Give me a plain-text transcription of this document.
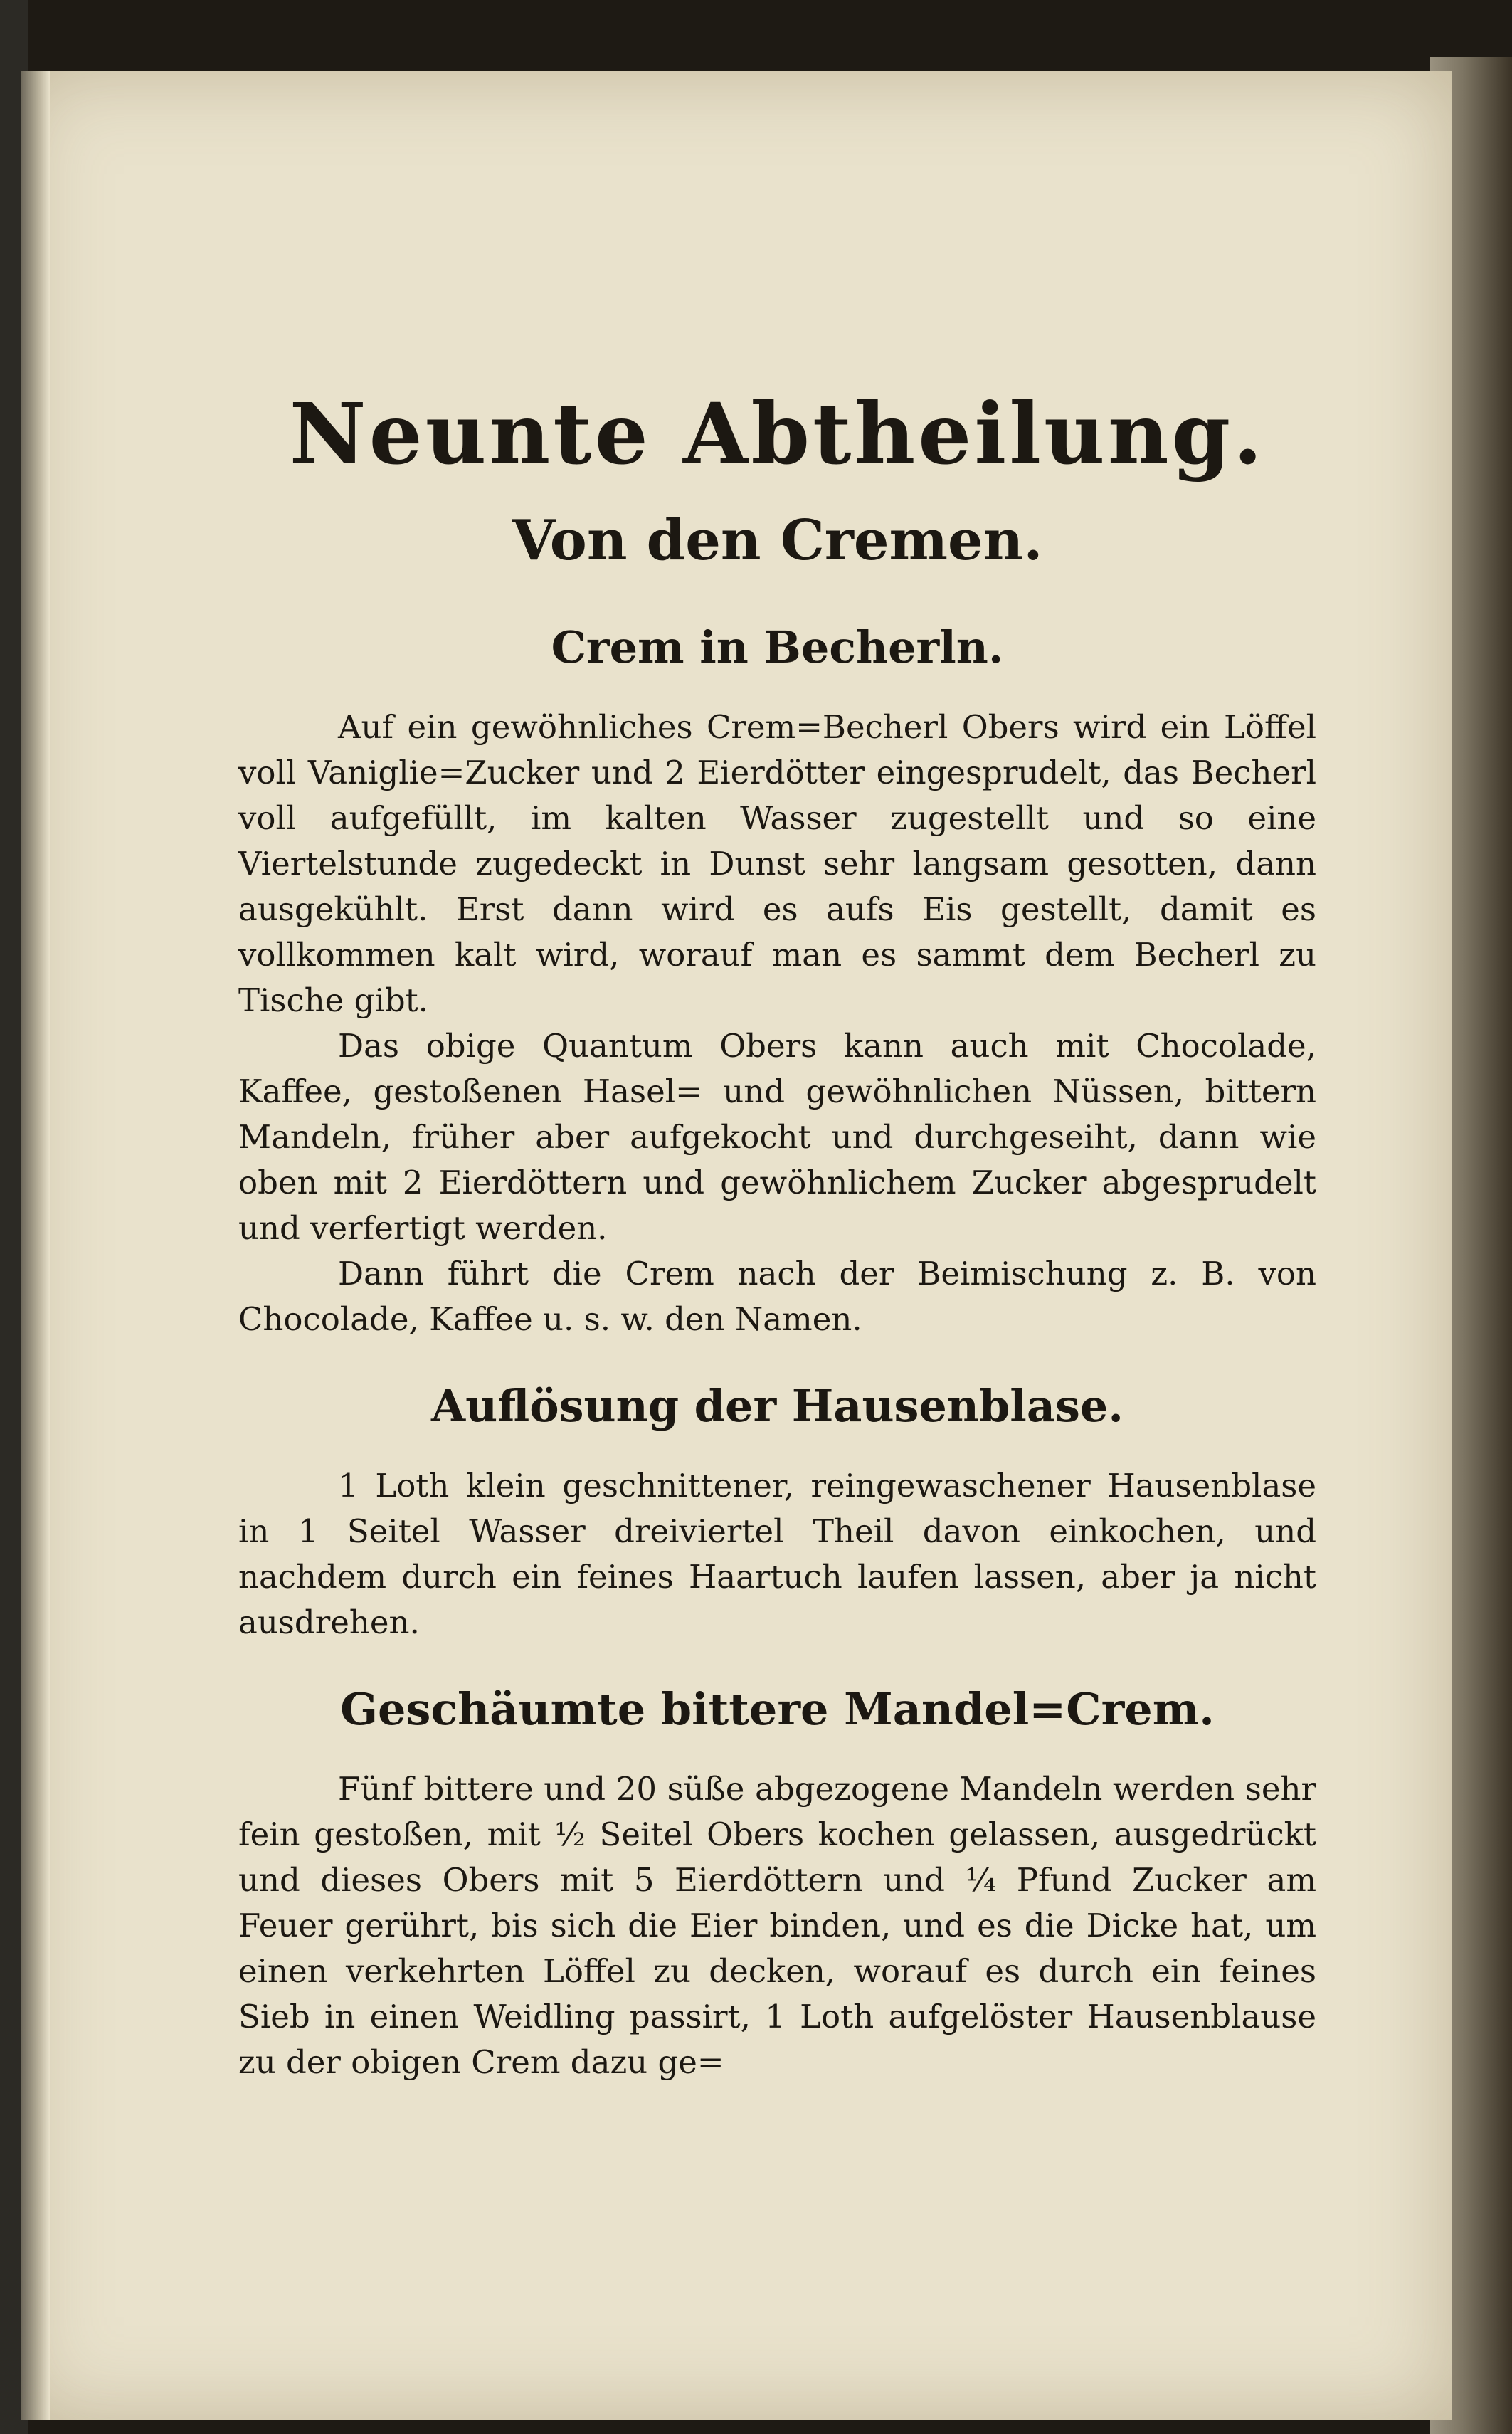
Neunte Abtheilung.
Von den Cremen.
Crem in Becherln.

Auf ein gewöhnliches Crem=Becherl Obers wird ein Löffel voll Vaniglie=Zucker und 2 Eierdötter eingesprudelt, das Becherl voll aufgefüllt, im kalten Wasser zugestellt und so eine Viertelstunde zugedeckt in Dunst sehr langsam gesotten, dann ausgekühlt. Erst dann wird es aufs Eis gestellt, damit es vollkommen kalt wird, worauf man es sammt dem Becherl zu Tische gibt.

Das obige Quantum Obers kann auch mit Chocolade, Kaffee, gestoßenen Hasel= und gewöhnlichen Nüssen, bittern Mandeln, früher aber aufgekocht und durchgeseiht, dann wie oben mit 2 Eierdöttern und gewöhnlichem Zucker abgesprudelt und verfertigt werden.

Dann führt die Crem nach der Beimischung z. B. von Chocolade, Kaffee u. s. w. den Namen.

Auflösung der Hausenblase.

1 Loth klein geschnittener, reingewaschener Hausenblase in 1 Seitel Wasser dreiviertel Theil davon einkochen, und nachdem durch ein feines Haartuch laufen lassen, aber ja nicht ausdrehen.

Geschäumte bittere Mandel=Crem.

Fünf bittere und 20 süße abgezogene Mandeln werden sehr fein gestoßen, mit ½ Seitel Obers kochen gelassen, ausgedrückt und dieses Obers mit 5 Eierdöttern und ¼ Pfund Zucker am Feuer gerührt, bis sich die Eier binden, und es die Dicke hat, um einen verkehrten Löffel zu decken, worauf es durch ein feines Sieb in einen Weidling passirt, 1 Loth aufgelöster Hausenblause zu der obigen Crem dazu ge=
